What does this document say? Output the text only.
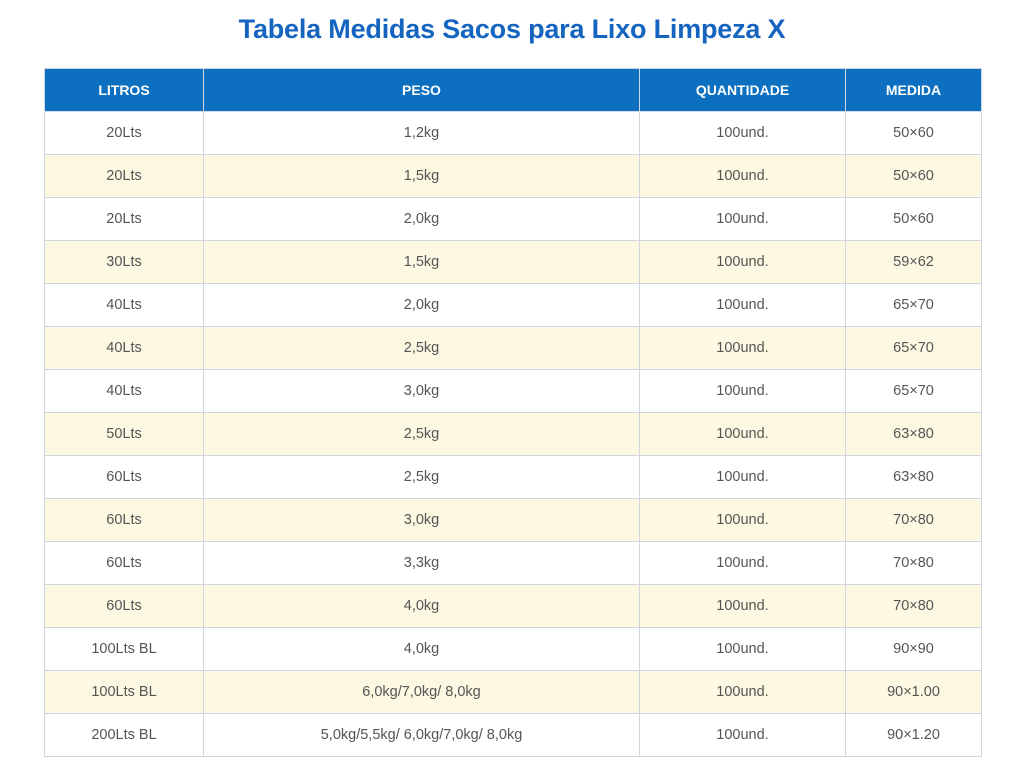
Tabela Medidas Sacos para Lixo Limpeza X
LITROS	PESO	QUANTIDADE	MEDIDA
20Lts	1,2kg	100und.	50×60
20Lts	1,5kg	100und.	50×60
20Lts	2,0kg	100und.	50×60
30Lts	1,5kg	100und.	59×62
40Lts	2,0kg	100und.	65×70
40Lts	2,5kg	100und.	65×70
40Lts	3,0kg	100und.	65×70
50Lts	2,5kg	100und.	63×80
60Lts	2,5kg	100und.	63×80
60Lts	3,0kg	100und.	70×80
60Lts	3,3kg	100und.	70×80
60Lts	4,0kg	100und.	70×80
100Lts BL	4,0kg	100und.	90×90
100Lts BL	6,0kg/7,0kg/ 8,0kg	100und.	90×1.00
200Lts BL	5,0kg/5,5kg/ 6,0kg/7,0kg/ 8,0kg	100und.	90×1.20
